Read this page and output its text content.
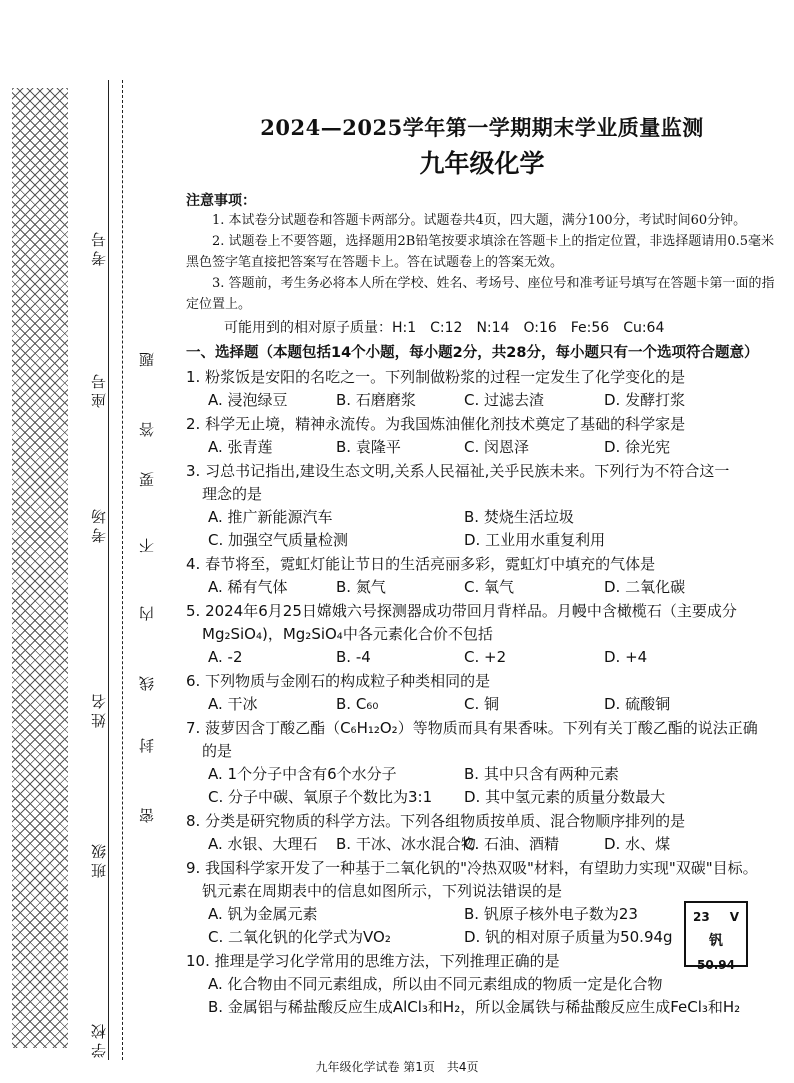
考号
座号
考场
姓名
班级
学校
题
答
要
不
内
线
封
密
2024—2025学年第一学期期末学业质量监测
九年级化学

注意事项：

1. 本试卷分试题卷和答题卡两部分。试题卷共4页，四大题，满分100分，考试时间60分钟。

2. 试题卷上不要答题，选择题用2B铅笔按要求填涂在答题卡上的指定位置，非选择题请用0.5毫米黑色签字笔直接把答案写在答题卡上。答在试题卷上的答案无效。

3. 答题前，考生务必将本人所在学校、姓名、考场号、座位号和准考证号填写在答题卡第一面的指定位置上。

可能用到的相对原子质量：H:1　C:12　N:14　O:16　Fe:56　Cu:64

一、选择题（本题包括14个小题，每小题2分，共28分，每小题只有一个选项符合题意）

1. 粉浆饭是安阳的名吃之一。下列制做粉浆的过程一定发生了化学变化的是

A. 浸泡绿豆	B. 石磨磨浆	C. 过滤去渣	D. 发酵打浆

2. 科学无止境，精神永流传。为我国炼油催化剂技术奠定了基础的科学家是

A. 张青莲	B. 袁隆平	C. 闵恩泽	D. 徐光宪

3. 习总书记指出,建设生态文明,关系人民福祉,关乎民族未来。下列行为不符合这一

理念的是

A. 推广新能源汽车	B. 焚烧生活垃圾
C. 加强空气质量检测	D. 工业用水重复利用

4. 春节将至，霓虹灯能让节日的生活亮丽多彩，霓虹灯中填充的气体是

A. 稀有气体	B. 氮气	C. 氧气	D. 二氧化碳

5. 2024年6月25日嫦娥六号探测器成功带回月背样品。月幔中含橄榄石（主要成分

Mg₂SiO₄)，Mg₂SiO₄中各元素化合价不包括

A. -2	B. -4	C. +2	D. +4

6. 下列物质与金刚石的构成粒子种类相同的是

A. 干冰	B. C₆₀	C. 铜	D. 硫酸铜

7. 菠萝因含丁酸乙酯（C₆H₁₂O₂）等物质而具有果香味。下列有关丁酸乙酯的说法正确

的是

A. 1个分子中含有6个水分子	B. 其中只含有两种元素
C. 分子中碳、氧原子个数比为3:1	D. 其中氢元素的质量分数最大

8. 分类是研究物质的科学方法。下列各组物质按单质、混合物顺序排列的是

A. 水银、大理石	B. 干冰、冰水混合物
C. 石油、酒精	D. 水、煤

9. 我国科学家开发了一种基于二氧化钒的"冷热双吸"材料，有望助力实现"双碳"目标。

钒元素在周期表中的信息如图所示，下列说法错误的是

A. 钒为金属元素	B. 钒原子核外电子数为23
C. 二氧化钒的化学式为VO₂	D. 钒的相对原子质量为50.94g
23 V
钒
50.94

10. 推理是学习化学常用的思维方法，下列推理正确的是

A. 化合物由不同元素组成，所以由不同元素组成的物质一定是化合物

B. 金属铝与稀盐酸反应生成AlCl₃和H₂，所以金属铁与稀盐酸反应生成FeCl₃和H₂

九年级化学试卷 第1页　共4页
